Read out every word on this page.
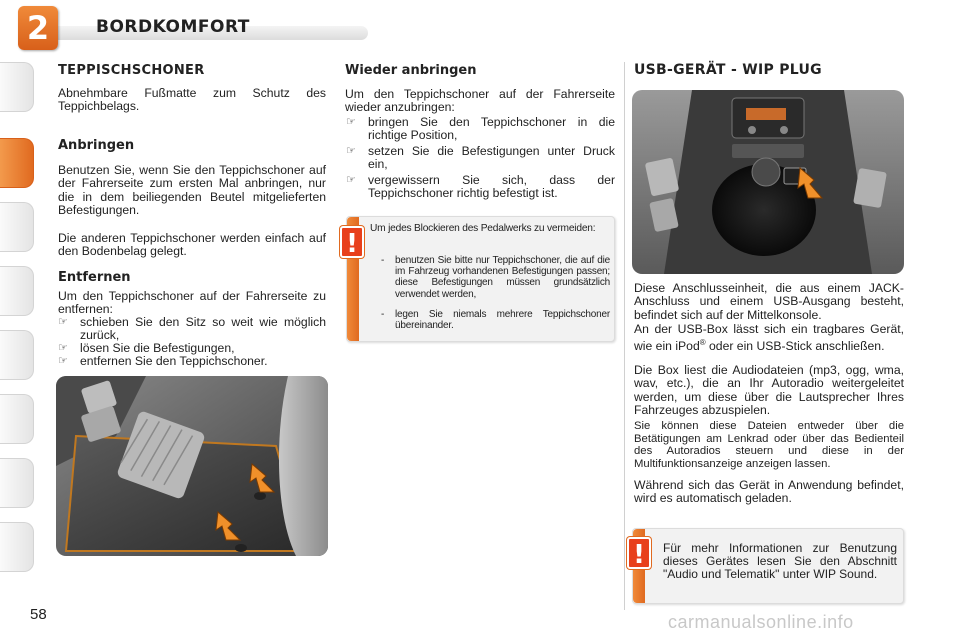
2	BORDKOMFORT
TEPPISCHSCHONER
Abnehmbare Fußmatte zum Schutz des Teppichbelags.
Anbringen
Benutzen Sie, wenn Sie den Teppichschoner auf der Fahrerseite zum ersten Mal anbringen, nur die in dem beiliegenden Beutel mitgelieferten Befestigungen.
Die anderen Teppichschoner werden einfach auf den Bodenbelag gelegt.
Entfernen
Um den Teppichschoner auf der Fahrerseite zu entfernen:
☞ schieben Sie den Sitz so weit wie möglich zurück,
☞ lösen Sie die Befestigungen,
☞ entfernen Sie den Teppichschoner.
Wieder anbringen
Um den Teppichschoner auf der Fahrerseite wieder anzubringen:
☞ bringen Sie den Teppichschoner in die richtige Position,
☞ setzen Sie die Befestigungen unter Druck ein,
☞ vergewissern Sie sich, dass der Teppichschoner richtig befestigt ist.
!
Um jedes Blockieren des Pedalwerks zu vermeiden:
- benutzen Sie bitte nur Teppichschoner, die auf die im Fahrzeug vorhandenen Befestigungen passen; diese Befestigungen müssen grundsätzlich verwendet werden,
- legen Sie niemals mehrere Teppichschoner übereinander.
USB-GERÄT - WIP PLUG
Diese Anschlusseinheit, die aus einem JACK-Anschluss und einem USB-Ausgang besteht, befindet sich auf der Mittelkonsole.
An der USB-Box lässt sich ein tragbares Gerät, wie ein iPod® oder ein USB-Stick anschließen.
Die Box liest die Audiodateien (mp3, ogg, wma, wav, etc.), die an Ihr Autoradio weitergeleitet werden, um diese über die Lautsprecher Ihres Fahrzeuges abzuspielen.
Sie können diese Dateien entweder über die Betätigungen am Lenkrad oder über das Bedienteil des Autoradios steuern und diese in der Multifunktionsanzeige anzeigen lassen.
Während sich das Gerät in Anwendung befindet, wird es automatisch geladen.
!	Für mehr Informationen zur Benutzung dieses Gerätes lesen Sie den Abschnitt "Audio und Telematik" unter WIP Sound.
58	carmanualsonline.info
